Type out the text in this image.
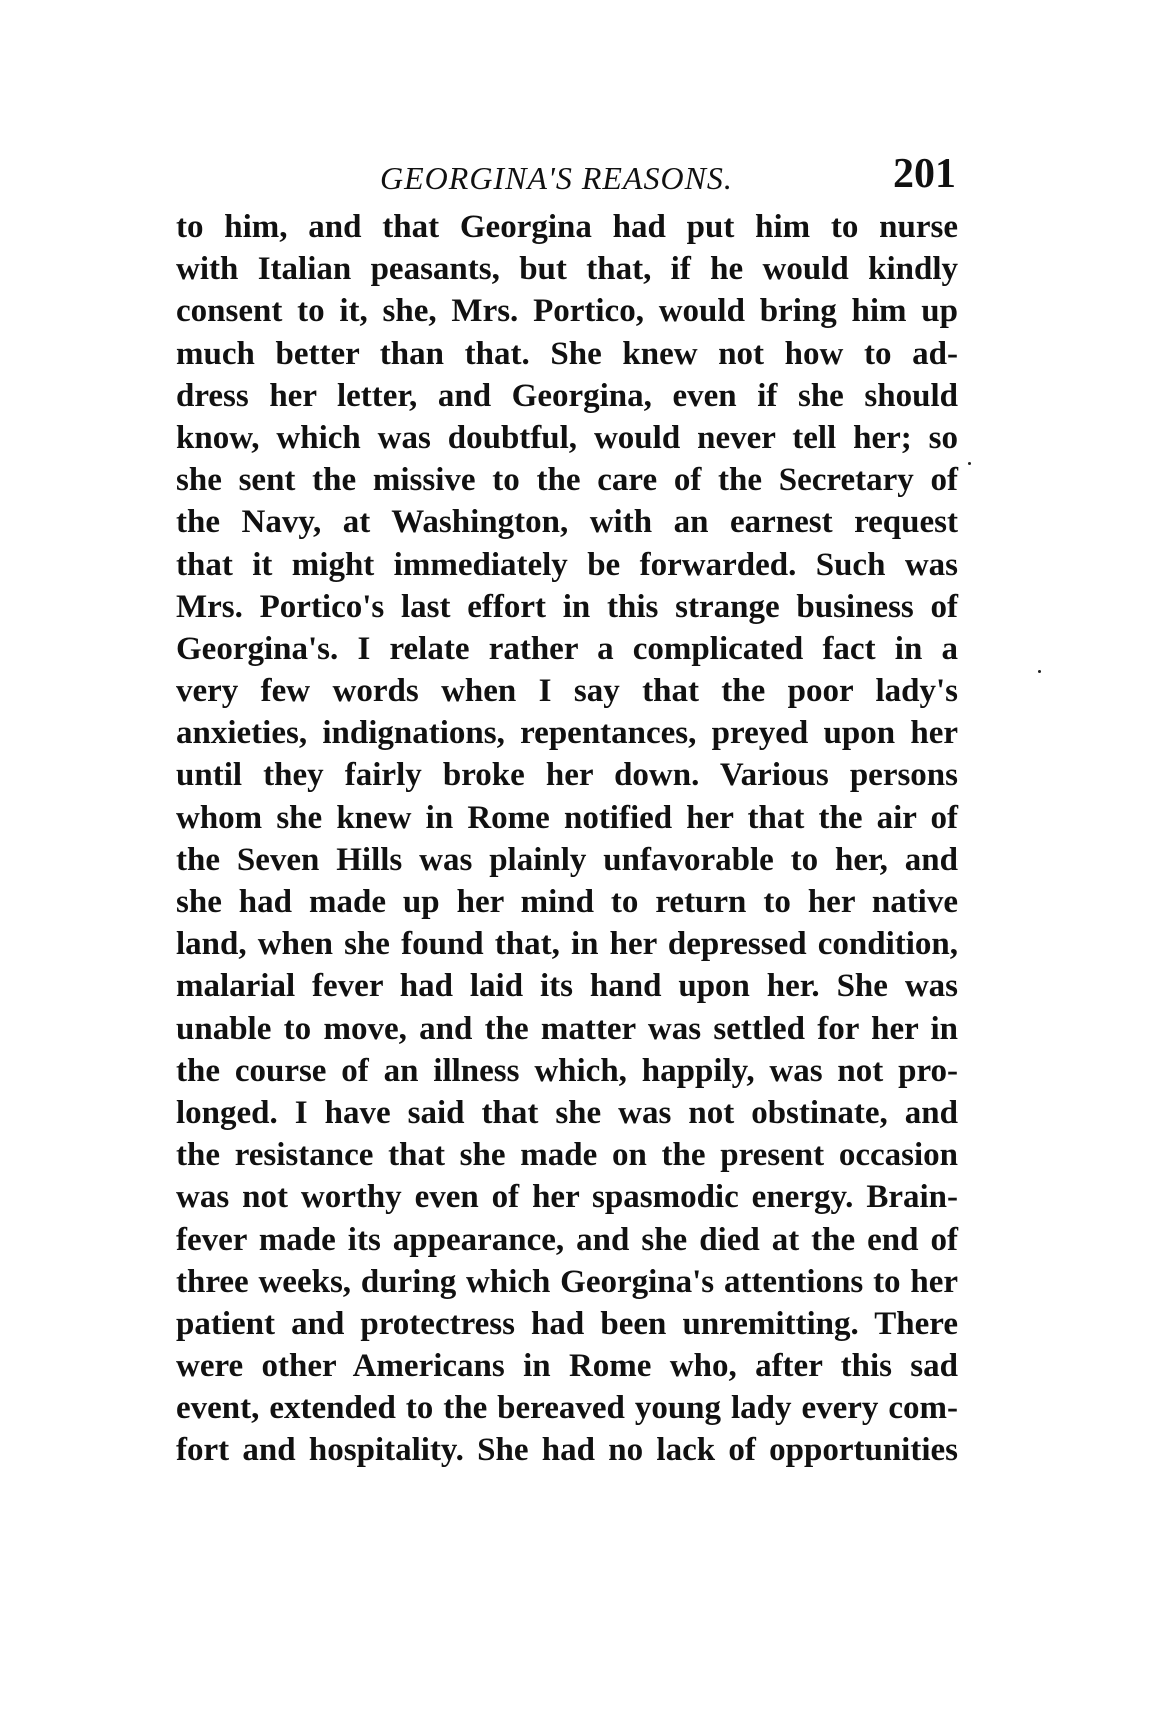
GEORGINA'S REASONS.	201
to him, and that Georgina had put him to nurse
with Italian peasants, but that, if he would kindly
consent to it, she, Mrs. Portico, would bring him up
much better than that. She knew not how to ad-
dress her letter, and Georgina, even if she should
know, which was doubtful, would never tell her; so
she sent the missive to the care of the Secretary of
the Navy, at Washington, with an earnest request
that it might immediately be forwarded. Such was
Mrs. Portico's last effort in this strange business of
Georgina's. I relate rather a complicated fact in a
very few words when I say that the poor lady's
anxieties, indignations, repentances, preyed upon her
until they fairly broke her down. Various persons
whom she knew in Rome notified her that the air of
the Seven Hills was plainly unfavorable to her, and
she had made up her mind to return to her native
land, when she found that, in her depressed condition,
malarial fever had laid its hand upon her. She was
unable to move, and the matter was settled for her in
the course of an illness which, happily, was not pro-
longed. I have said that she was not obstinate, and
the resistance that she made on the present occasion
was not worthy even of her spasmodic energy. Brain-
fever made its appearance, and she died at the end of
three weeks, during which Georgina's attentions to her
patient and protectress had been unremitting. There
were other Americans in Rome who, after this sad
event, extended to the bereaved young lady every com-
fort and hospitality. She had no lack of opportunities
